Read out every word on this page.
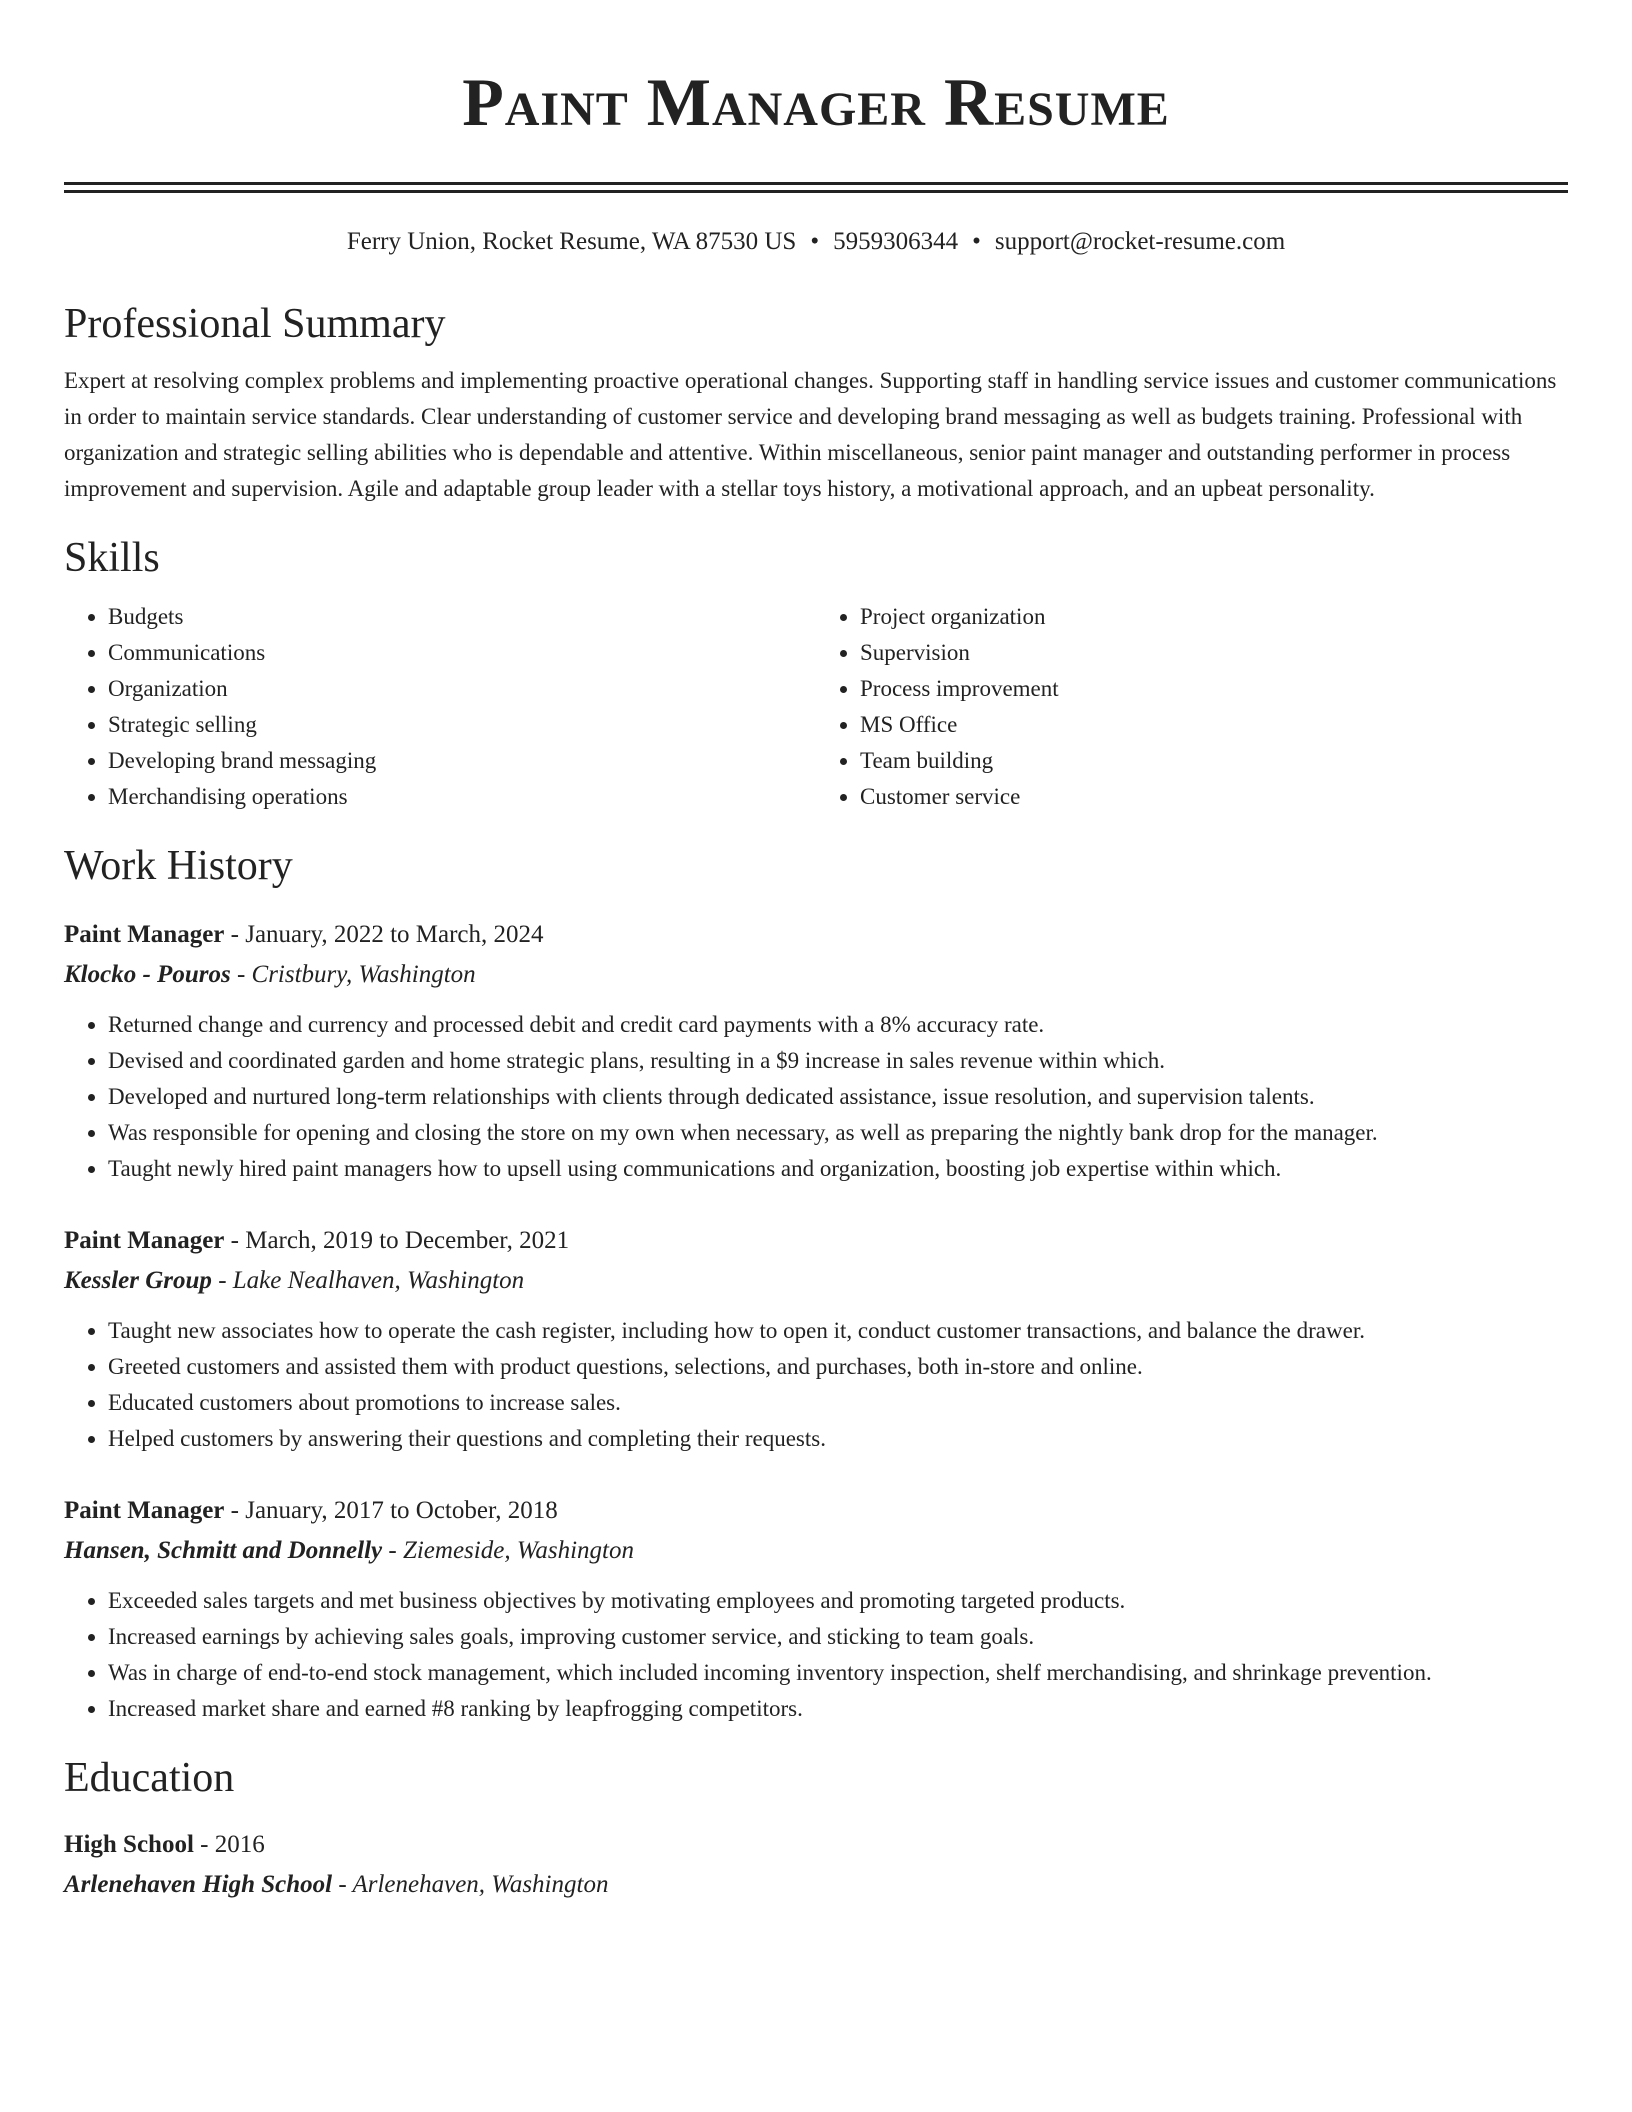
Paint Manager Resume
Ferry Union, Rocket Resume, WA 87530 US • 5959306344 • support@rocket-resume.com
Professional Summary

Expert at resolving complex problems and implementing proactive operational changes. Supporting staff in handling service issues and customer communications in order to maintain service standards. Clear understanding of customer service and developing brand messaging as well as budgets training. Professional with organization and strategic selling abilities who is dependable and attentive. Within miscellaneous, senior paint manager and outstanding performer in process improvement and supervision. Agile and adaptable group leader with a stellar toys history, a motivational approach, and an upbeat personality.

Skills
• Budgets
• Communications
• Organization
• Strategic selling
• Developing brand messaging
• Merchandising operations
• Project organization
• Supervision
• Process improvement
• MS Office
• Team building
• Customer service
Work History
Paint Manager - January, 2022 to March, 2024
Klocko - Pouros - Cristbury, Washington
• Returned change and currency and processed debit and credit card payments with a 8% accuracy rate.
• Devised and coordinated garden and home strategic plans, resulting in a $9 increase in sales revenue within which.
• Developed and nurtured long-term relationships with clients through dedicated assistance, issue resolution, and supervision talents.
• Was responsible for opening and closing the store on my own when necessary, as well as preparing the nightly bank drop for the manager.
• Taught newly hired paint managers how to upsell using communications and organization, boosting job expertise within which.
Paint Manager - March, 2019 to December, 2021
Kessler Group - Lake Nealhaven, Washington
• Taught new associates how to operate the cash register, including how to open it, conduct customer transactions, and balance the drawer.
• Greeted customers and assisted them with product questions, selections, and purchases, both in-store and online.
• Educated customers about promotions to increase sales.
• Helped customers by answering their questions and completing their requests.
Paint Manager - January, 2017 to October, 2018
Hansen, Schmitt and Donnelly - Ziemeside, Washington
• Exceeded sales targets and met business objectives by motivating employees and promoting targeted products.
• Increased earnings by achieving sales goals, improving customer service, and sticking to team goals.
• Was in charge of end-to-end stock management, which included incoming inventory inspection, shelf merchandising, and shrinkage prevention.
• Increased market share and earned #8 ranking by leapfrogging competitors.
Education
High School - 2016
Arlenehaven High School - Arlenehaven, Washington
